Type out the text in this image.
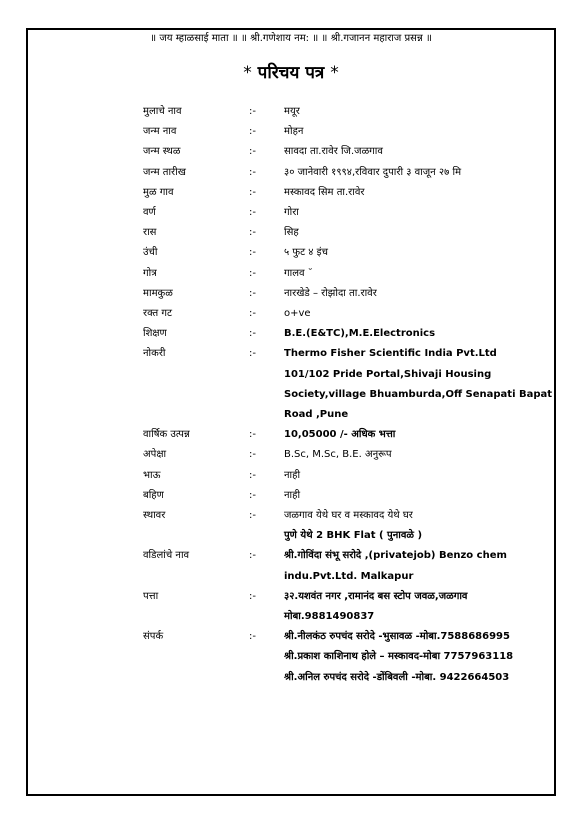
॥ जय म्हाळसाई माता ॥ ॥ श्री.गणेशाय नम: ॥ ॥ श्री.गजानन महाराज प्रसन्न ॥
* परिचय पत्र *
मुलाचे नाव	:-	मयूर
जन्म नाव	:-	मोहन
जन्म स्थळ	:-	सावदा ता.रावेर जि.जळगाव
जन्म तारीख	:-	३० जानेवारी १९९४,रविवार दुपारी ३ वाजून २७ मि
मुळ गाव	:-	मस्कावद सिम ता.रावेर
वर्ण	:-	गोरा
रास	:-	सिह
उंची	:-	५ फुट ४ इंच
गोत्र	:-	गालव ˘
मामकुळ	:-	नारखेडे – रोझोदा ता.रावेर
रक्त गट	:-	o+ve
शिक्षण	:-	B.E.(E&TC),M.E.Electronics
नोकरी	:-	Thermo Fisher Scientific India Pvt.Ltd
101/102 Pride Portal,Shivaji Housing
Society,village Bhuamburda,Off Senapati Bapat
Road ,Pune
वार्षिक उत्पन्न	:-	10,05000 /- अधिक भत्ता
अपेक्षा	:-	B.Sc, M.Sc, B.E. अनुरूप
भाऊ	:-	नाही
बहिण	:-	नाही
स्थावर	:-	जळगाव येथे घर व मस्कावद येथे घर
पुणे येथे 2 BHK Flat ( पुनावळे )
वडिलांचे नाव	:-	श्री.गोविंदा संभू सरोदे ,(privatejob) Benzo chem
indu.Pvt.Ltd. Malkapur
पत्ता	:-	३२.यशवंत नगर ,रामानंद बस स्टोप जवळ,जळगाव
मोबा.9881490837
संपर्क	:-	श्री.नीलकंठ रुपचंद सरोदे -भुसावळ -मोबा.7588686995
श्री.प्रकाश काशिनाथ होले – मस्कावद-मोबा 7757963118
श्री.अनिल रुपचंद सरोदे -डोंबिवली -मोबा. 9422664503
